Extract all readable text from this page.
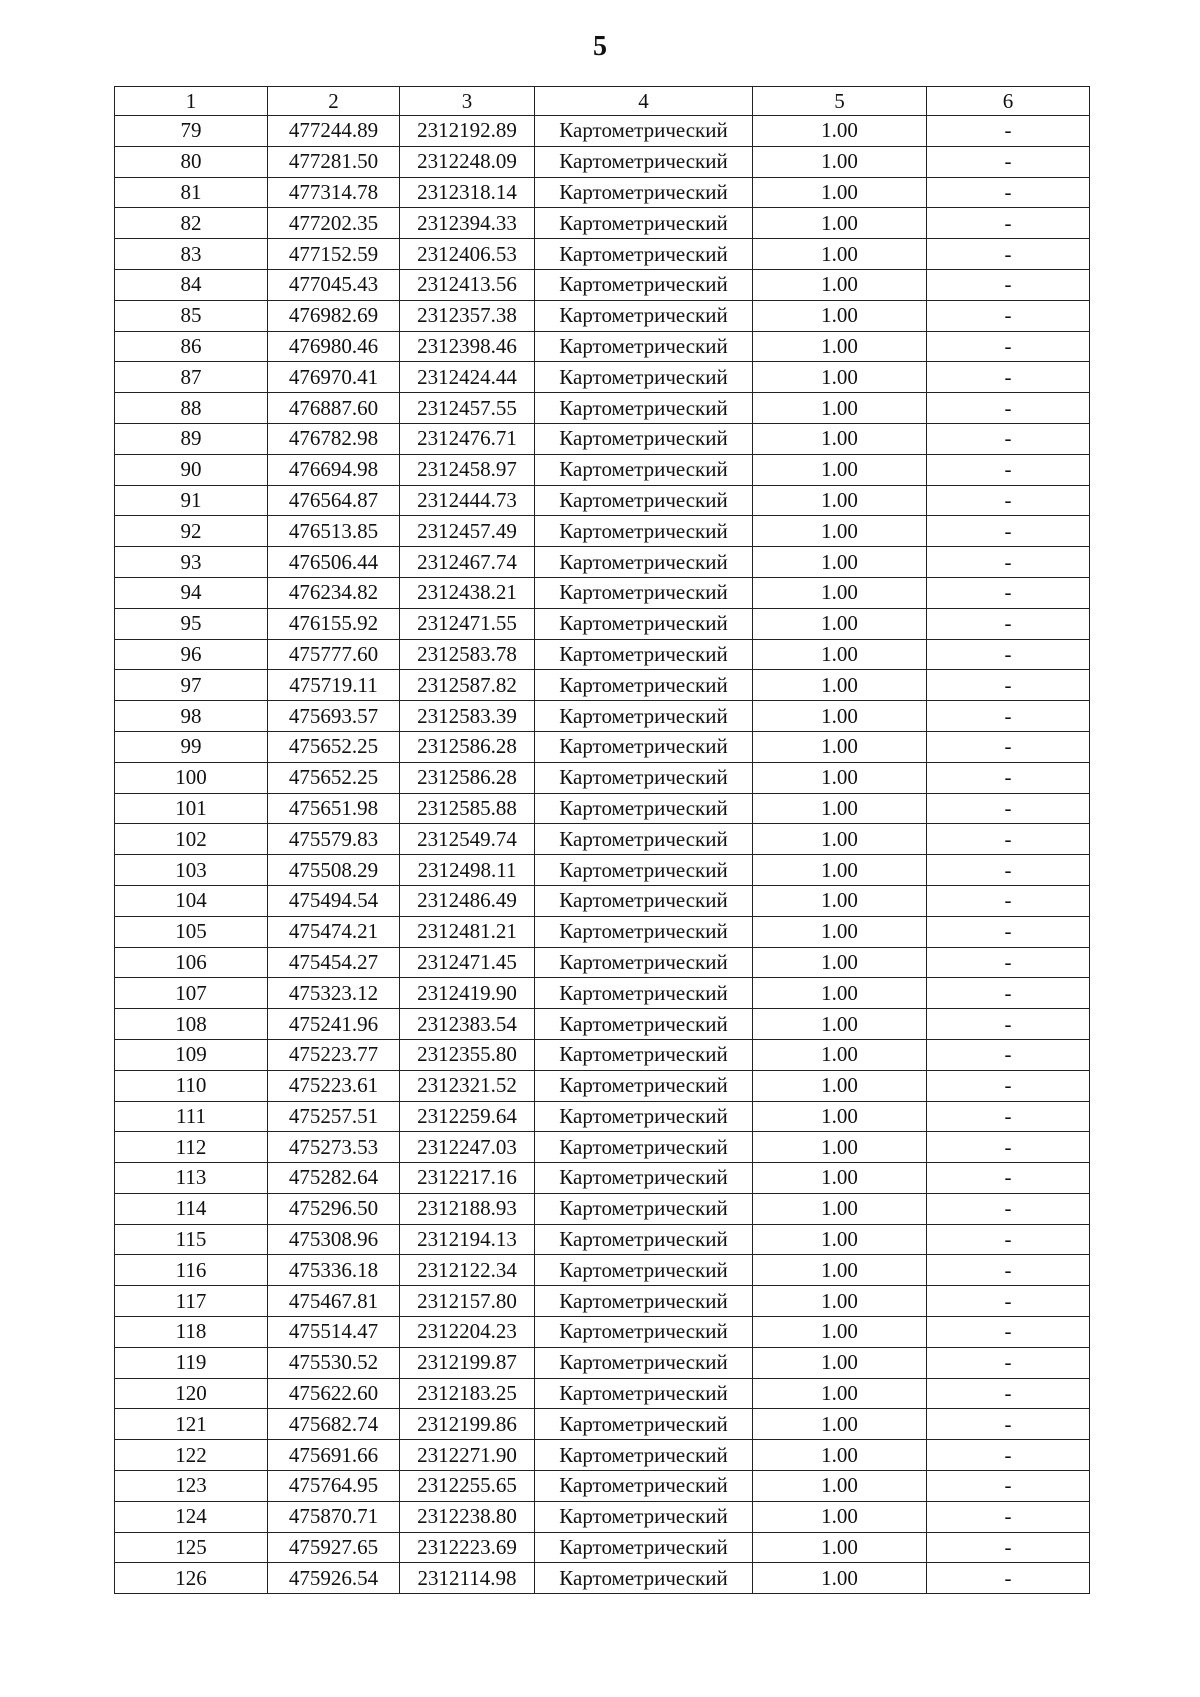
5
1	2	3	4	5	6
79	477244.89	2312192.89	Картометрический	1.00	-
80	477281.50	2312248.09	Картометрический	1.00	-
81	477314.78	2312318.14	Картометрический	1.00	-
82	477202.35	2312394.33	Картометрический	1.00	-
83	477152.59	2312406.53	Картометрический	1.00	-
84	477045.43	2312413.56	Картометрический	1.00	-
85	476982.69	2312357.38	Картометрический	1.00	-
86	476980.46	2312398.46	Картометрический	1.00	-
87	476970.41	2312424.44	Картометрический	1.00	-
88	476887.60	2312457.55	Картометрический	1.00	-
89	476782.98	2312476.71	Картометрический	1.00	-
90	476694.98	2312458.97	Картометрический	1.00	-
91	476564.87	2312444.73	Картометрический	1.00	-
92	476513.85	2312457.49	Картометрический	1.00	-
93	476506.44	2312467.74	Картометрический	1.00	-
94	476234.82	2312438.21	Картометрический	1.00	-
95	476155.92	2312471.55	Картометрический	1.00	-
96	475777.60	2312583.78	Картометрический	1.00	-
97	475719.11	2312587.82	Картометрический	1.00	-
98	475693.57	2312583.39	Картометрический	1.00	-
99	475652.25	2312586.28	Картометрический	1.00	-
100	475652.25	2312586.28	Картометрический	1.00	-
101	475651.98	2312585.88	Картометрический	1.00	-
102	475579.83	2312549.74	Картометрический	1.00	-
103	475508.29	2312498.11	Картометрический	1.00	-
104	475494.54	2312486.49	Картометрический	1.00	-
105	475474.21	2312481.21	Картометрический	1.00	-
106	475454.27	2312471.45	Картометрический	1.00	-
107	475323.12	2312419.90	Картометрический	1.00	-
108	475241.96	2312383.54	Картометрический	1.00	-
109	475223.77	2312355.80	Картометрический	1.00	-
110	475223.61	2312321.52	Картометрический	1.00	-
111	475257.51	2312259.64	Картометрический	1.00	-
112	475273.53	2312247.03	Картометрический	1.00	-
113	475282.64	2312217.16	Картометрический	1.00	-
114	475296.50	2312188.93	Картометрический	1.00	-
115	475308.96	2312194.13	Картометрический	1.00	-
116	475336.18	2312122.34	Картометрический	1.00	-
117	475467.81	2312157.80	Картометрический	1.00	-
118	475514.47	2312204.23	Картометрический	1.00	-
119	475530.52	2312199.87	Картометрический	1.00	-
120	475622.60	2312183.25	Картометрический	1.00	-
121	475682.74	2312199.86	Картометрический	1.00	-
122	475691.66	2312271.90	Картометрический	1.00	-
123	475764.95	2312255.65	Картометрический	1.00	-
124	475870.71	2312238.80	Картометрический	1.00	-
125	475927.65	2312223.69	Картометрический	1.00	-
126	475926.54	2312114.98	Картометрический	1.00	-
